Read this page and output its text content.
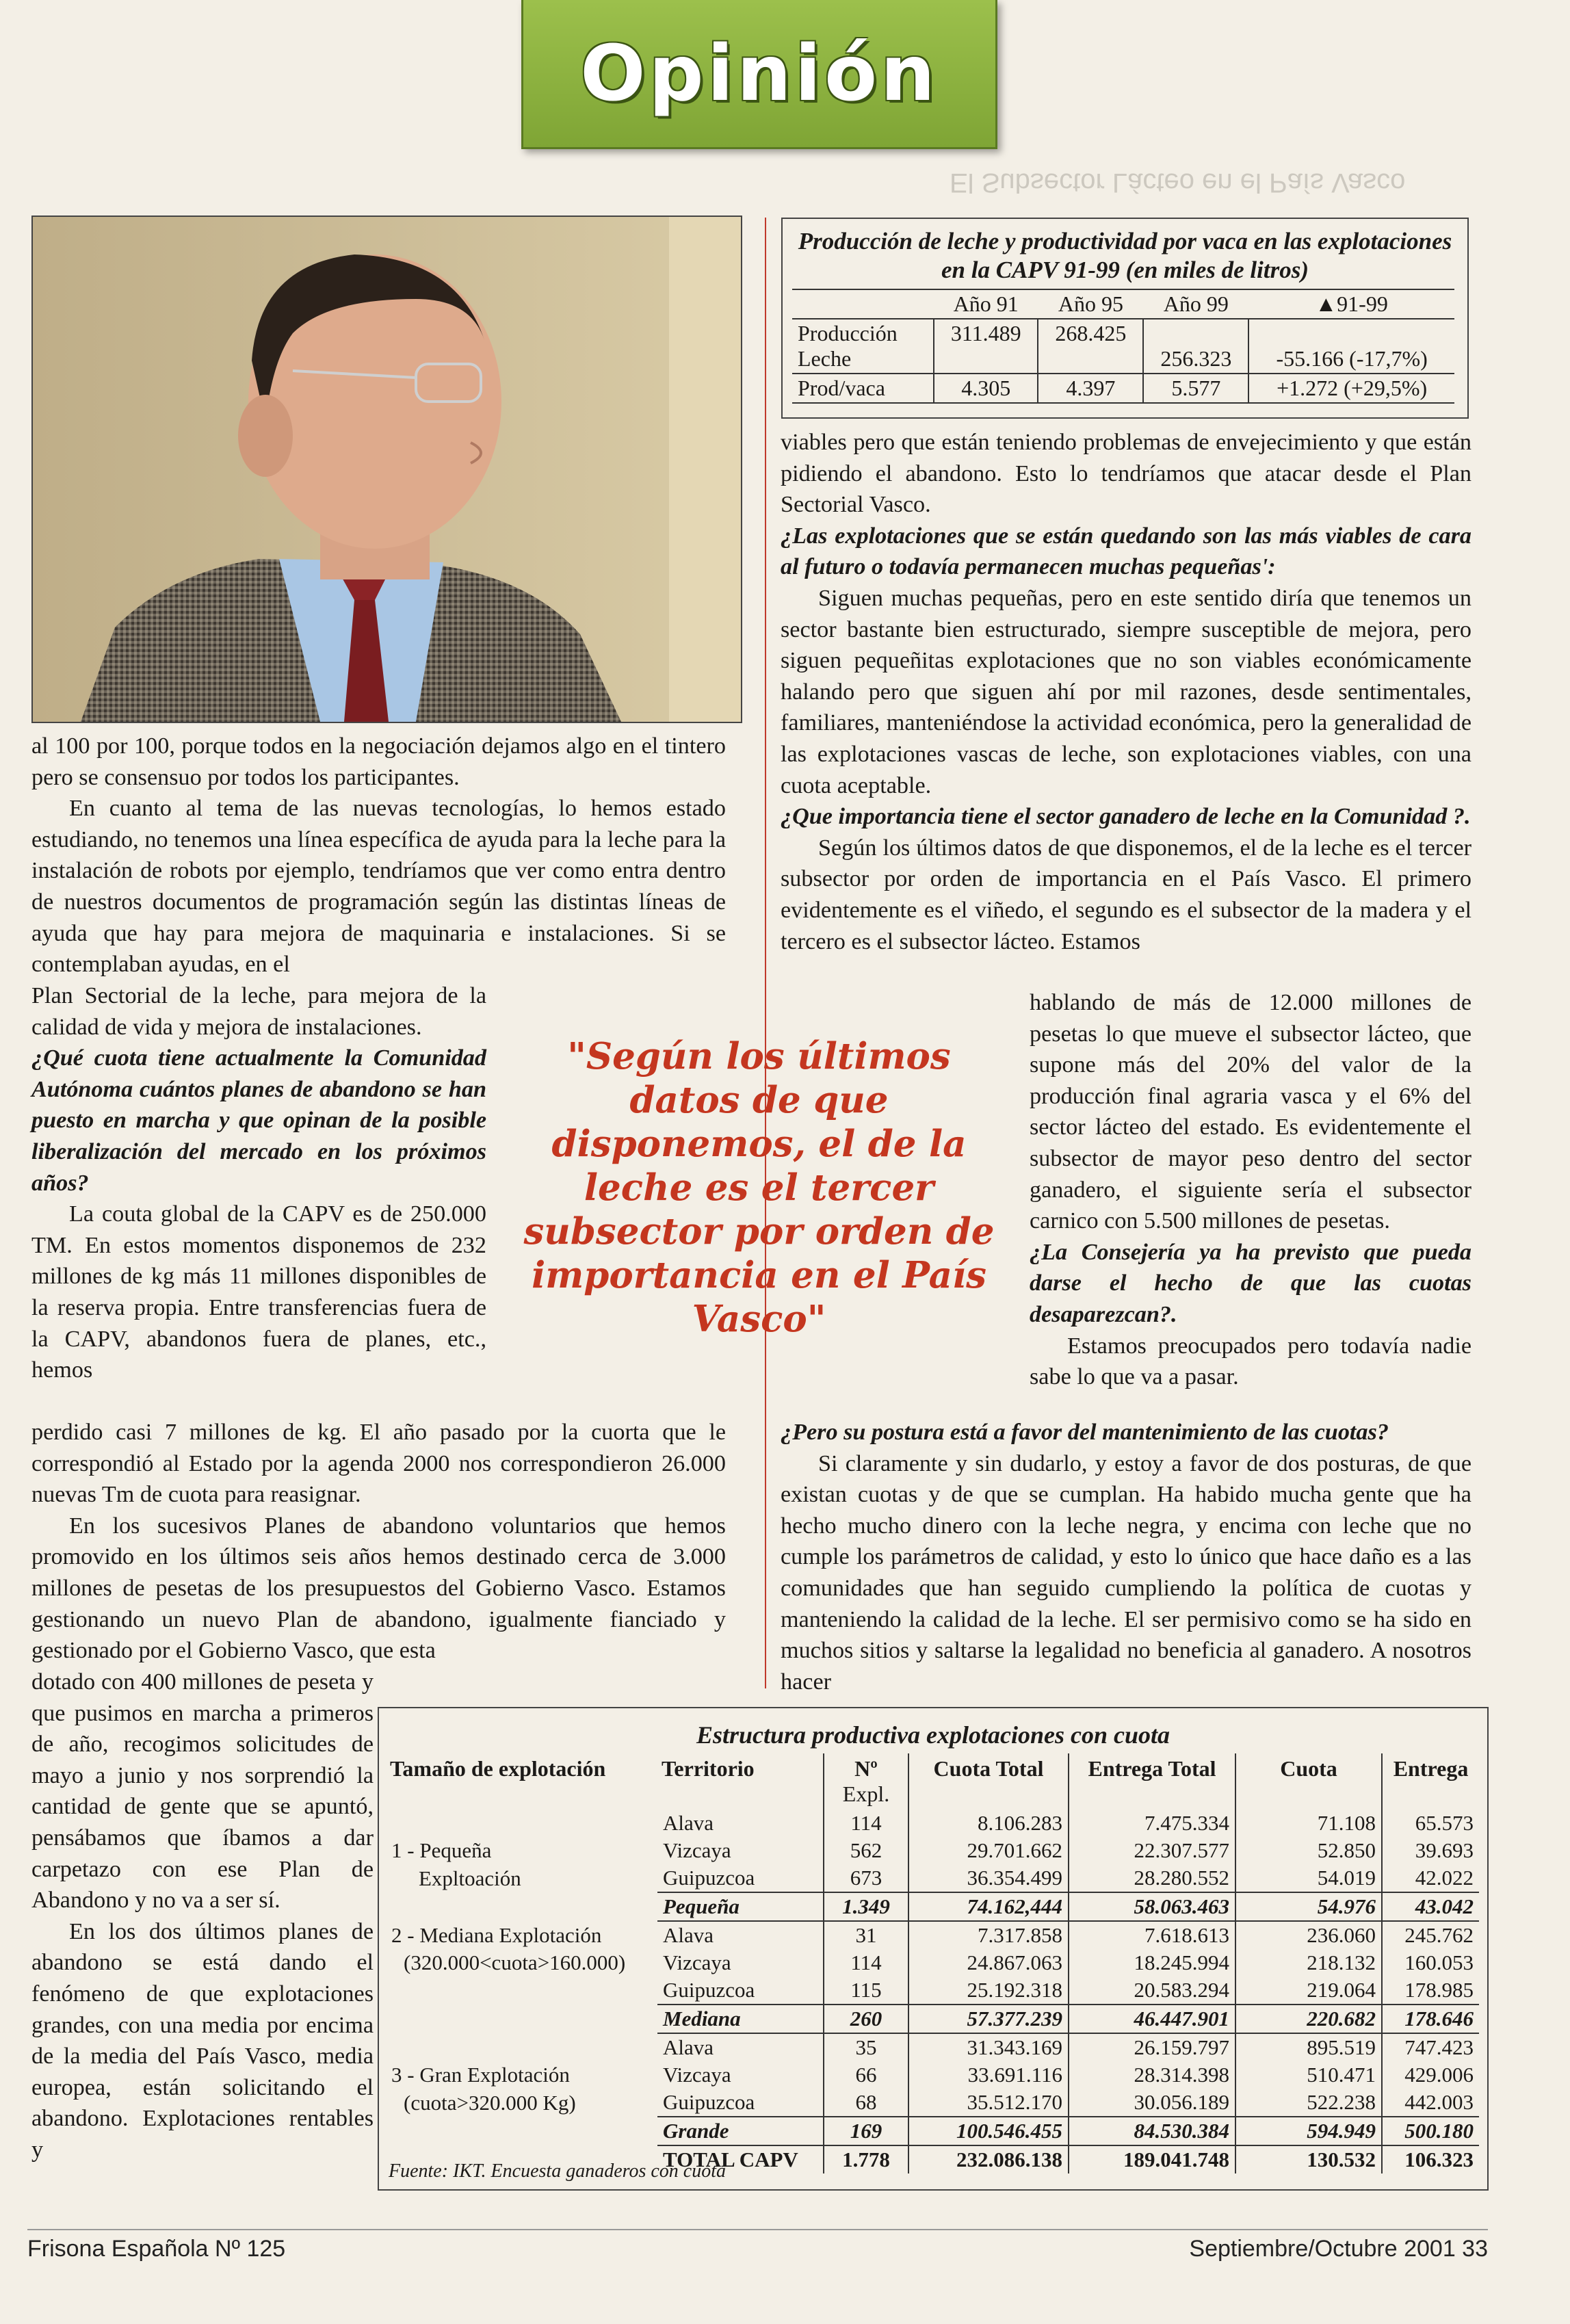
Opinión
El Subsector Lácteo en el País Vasco
Producción de leche y productividad por vaca en las explotaciones en la CAPV 91-99 (en miles de litros)
	Año 91	Año 95	Año 99	▲91-99
Producción Leche	311.489	268.425	256.323	-55.166 (-17,7%)
Prod/vaca	4.305	4.397	5.577	+1.272 (+29,5%)

al 100 por 100, porque todos en la negociación dejamos algo en el tintero pero se consensuo por todos los participantes.

En cuanto al tema de las nuevas tecnologías, lo hemos estado estudiando, no tenemos una línea específica de ayuda para la leche para la instalación de robots por ejemplo, tendríamos que ver como entra dentro de nuestros documentos de programación según las distintas líneas de ayuda que hay para mejora de maquinaria e instalaciones. Si se contemplaban ayudas, en el

Plan Sectorial de la leche, para mejora de la calidad de vida y mejora de instalaciones.

¿Qué cuota tiene actualmente la Comunidad Autónoma cuántos planes de abandono se han puesto en marcha y que opinan de la posible liberalización del mercado en los próximos años?

La couta global de la CAPV es de 250.000 TM. En estos momentos disponemos de 232 millones de kg más 11 millones disponibles de la reserva propia. Entre transferencias fuera de la CAPV, abandonos fuera de planes, etc., hemos

perdido casi 7 millones de kg. El año pasado por la cuorta que le correspondió al Estado por la agenda 2000 nos correspondieron 26.000 nuevas Tm de cuota para reasignar.

En los sucesivos Planes de abandono voluntarios que hemos promovido en los últimos seis años hemos destinado cerca de 3.000 millones de pesetas de los presupuestos del Gobierno Vasco. Estamos gestionando un nuevo Plan de abandono, igualmente fianciado y gestionado por el Gobierno Vasco, que esta

dotado con 400 millones de peseta y que pusimos en marcha a primeros de año, recogimos solicitudes de mayo a junio y nos sorprendió la cantidad de gente que se apuntó, pensábamos que íbamos a dar carpetazo con ese Plan de Abandono y no va a ser sí.

En los dos últimos planes de abandono se está dando el fenómeno de que explotaciones grandes, con una media por encima de la media del País Vasco, media europea, están solicitando el abandono. Explotaciones rentables y

viables pero que están teniendo problemas de envejecimiento y que están pidiendo el abandono. Esto lo tendríamos que atacar desde el Plan Sectorial Vasco.

¿Las explotaciones que se están quedando son las más viables de cara al futuro o todavía permanecen muchas pequeñas':

Siguen muchas pequeñas, pero en este sentido diría que tenemos un sector bastante bien estructurado, siempre susceptible de mejora, pero siguen pequeñitas explotaciones que no son viables económicamente halando pero que siguen ahí por mil razones, desde sentimentales, familiares, manteniéndose la actividad económica, pero la generalidad de las explotaciones vascas de leche, son explotaciones viables, con una cuota aceptable.

¿Que importancia tiene el sector ganadero de leche en la Comunidad ?.

Según los últimos datos de que disponemos, el de la leche es el tercer subsector por orden de importancia en el País Vasco. El primero evidentemente es el viñedo, el segundo es el subsector de la madera y el tercero es el subsector lácteo. Estamos

hablando de más de 12.000 millones de pesetas lo que mueve el subsector lácteo, que supone más del 20% del valor de la producción final agraria vasca y el 6% del sector lácteo del estado. Es evidentemente el subsector de mayor peso dentro del sector ganadero, el siguiente sería el subsector carnico con 5.500 millones de pesetas.

¿La Consejería ya ha previsto que pueda darse el hecho de que las cuotas desaparezcan?.

Estamos preocupados pero todavía nadie sabe lo que va a pasar.

¿Pero su postura está a favor del mantenimiento de las cuotas?

Si claramente y sin dudarlo, y estoy a favor de dos posturas, de que existan cuotas y de que se cumplan. Ha habido mucha gente que ha hecho mucho dinero con la leche negra, y encima con leche que no cumple los parámetros de calidad, y esto lo único que hace daño es a las comunidades que han seguido cumpliendo la política de cuotas y manteniendo la calidad de la leche. El ser permisivo como se ha sido en muchos sitios y saltarse la legalidad no beneficia al ganadero. A nosotros hacer

"Según los últimos datos de que disponemos, el de la leche es el tercer subsector por orden de importancia en el País Vasco"
Estructura productiva explotaciones con cuota
Tamaño de explotación	Territorio	Nº
Expl.	Cuota Total	Entrega Total	Cuota	Entrega
	Alava	114	8.106.283	7.475.334	71.108	65.573
1 - Pequeña	Vizcaya	562	29.701.662	22.307.577	52.850	39.693
Expltoación	Guipuzcoa	673	36.354.499	28.280.552	54.019	42.022
	Pequeña	1.349	74.162,444	58.063.463	54.976	43.042
2 - Mediana Explotación	Alava	31	7.317.858	7.618.613	236.060	245.762
(320.000<cuota>160.000)	Vizcaya	114	24.867.063	18.245.994	218.132	160.053
	Guipuzcoa	115	25.192.318	20.583.294	219.064	178.985
	Mediana	260	57.377.239	46.447.901	220.682	178.646
	Alava	35	31.343.169	26.159.797	895.519	747.423
3 - Gran Explotación	Vizcaya	66	33.691.116	28.314.398	510.471	429.006
(cuota>320.000 Kg)	Guipuzcoa	68	35.512.170	30.056.189	522.238	442.003
	Grande	169	100.546.455	84.530.384	594.949	500.180
	TOTAL CAPV	1.778	232.086.138	189.041.748	130.532	106.323
Fuente: IKT. Encuesta ganaderos con cuota
Frisona Española Nº 125	Septiembre/Octubre 2001 33
